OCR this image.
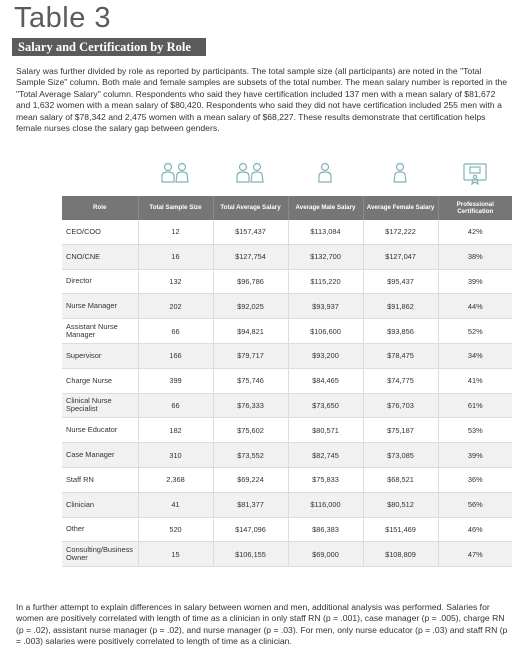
Table 3
Salary and Certification by Role
Salary was further divided by role as reported by participants. The total sample size (all participants) are noted in the "Total Sample Size" column. Both male and female samples are subsets of the total number. The mean salary number is reported in the "Total Average Salary" column. Respondents who said they have certification included 137 men with a mean salary of $81,672 and 1,632 women with a mean salary of $80,420. Respondents who said they did not have certification included 255 men with a mean salary of $78,342 and 2,475 women with a mean salary of $68,227. These results demonstrate that certification helps female nurses close the salary gap between genders.
Role	Total Sample Size	Total Average Salary	Average Male Salary	Average Female Salary	Professional Certification
CEO/COO	12	$157,437	$113,084	$172,222	42%
CNO/CNE	16	$127,754	$132,700	$127,047	38%
Director	132	$96,786	$115,220	$95,437	39%
Nurse Manager	202	$92,025	$93,937	$91,862	44%
Assistant Nurse Manager	66	$94,821	$106,600	$93,856	52%
Supervisor	166	$79,717	$93,200	$78,475	34%
Charge Nurse	399	$75,746	$84,465	$74,775	41%
Clinical Nurse Specialist	66	$76,333	$73,650	$76,703	61%
Nurse Educator	182	$75,602	$80,571	$75,187	53%
Case Manager	310	$73,552	$82,745	$73,085	39%
Staff RN	2,368	$69,224	$75,833	$68,521	36%
Clinician	41	$81,377	$116,000	$80,512	56%
Other	520	$147,096	$86,383	$151,469	46%
Consulting/Business Owner	15	$106,155	$69,000	$108,809	47%
In a further attempt to explain differences in salary between women and men, additional analysis was performed. Salaries for women are positively correlated with length of time as a clinician in only staff RN (p = .001), case manager (p = .005), charge RN (p = .02), assistant nurse manager (p = .02), and nurse manager (p = .03). For men, only nurse educator (p = .03) and staff RN (p = .003) salaries were positively correlated to length of time as a clinician.
